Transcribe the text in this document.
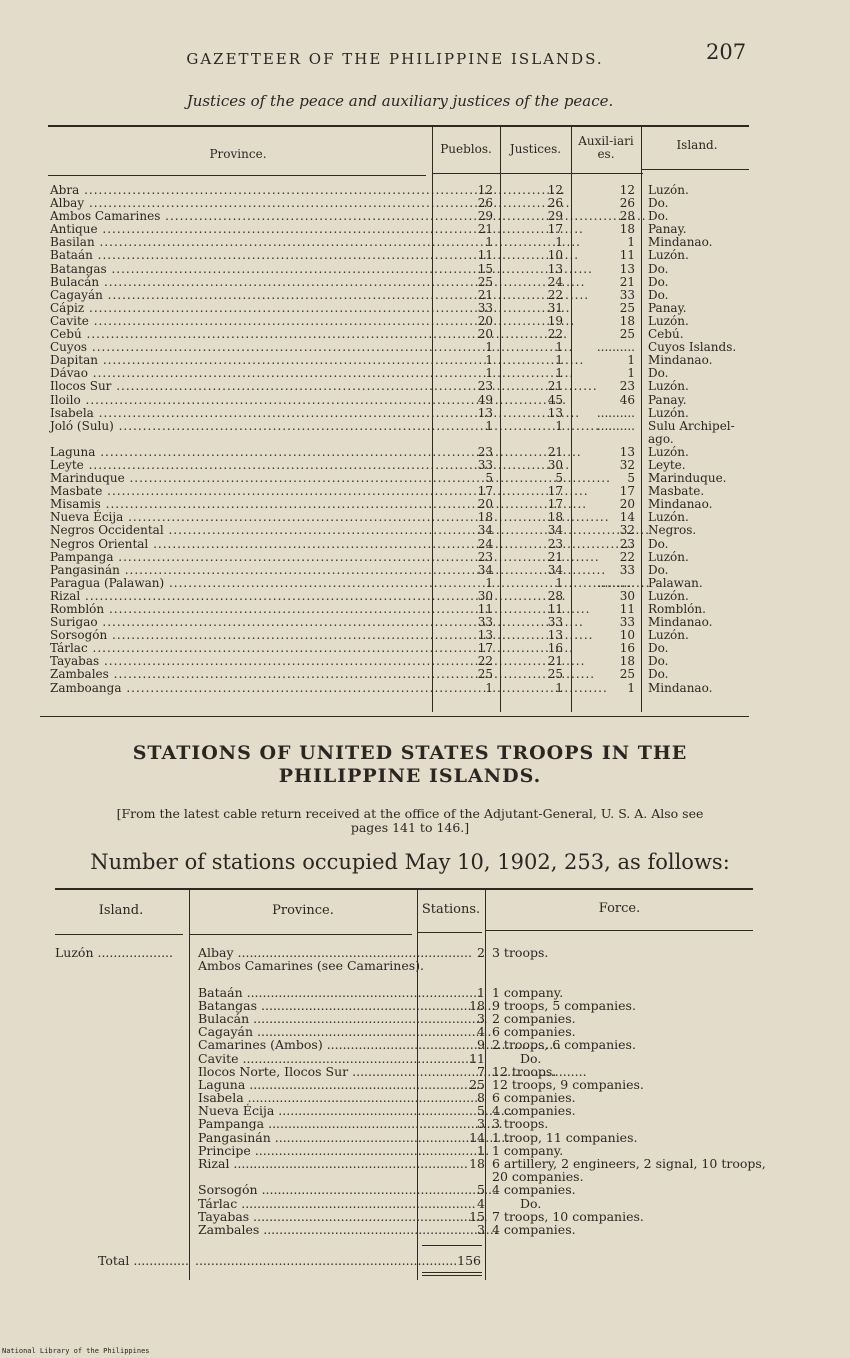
GAZETTEER OF THE PHILIPPINE ISLANDS.	207
Justices of the peace and auxiliary justices of the peace.
Province.	Pueblos.	Justices.
Auxil-iaries.
Island.
Abra .....	12	12	12 Luzón.
Albay .....	26	26	26 Do.
Ambos Camarines .....	29	29	28 Do.
Antique .....	21	17	18 Panay.
Basilan .....	1	1	1 Mindanao.
Bataán .....	11	10	11 Luzón.
Batangas .....	15	13	13 Do.
Bulacán .....	25	24	21 Do.
Cagayán .....	21	22	33 Do.
Cápiz .....	33	31	25 Panay.
Cavite .....	20	19	18 Luzón.
Cebú .....	20	22	25 Cebú.
Cuyos .....	1	1	.......... Cuyos Islands.
Dapitan .....	1	1	1 Mindanao.
Dávao .....	1	1	1 Do.
Ilocos Sur .....	23	21	23 Luzón.
Iloilo .....	49	45	46 Panay.
Isabela .....	13	13	.......... Luzón.
Joló (Sulu) .....	1	1	.......... Sulu Archipel-ago.
Laguna .....	23	21	13 Luzón.
Leyte .....	33	30	32 Leyte.
Marinduque .....	5	5	5 Marinduque.
Masbate .....	17	17	17 Masbate.
Misamis .....	20	17	20 Mindanao.
Nueva Écija .....	18	18	14 Luzón.
Negros Occidental .....	34	34	32 Negros.
Negros Oriental .....	24	23	23 Do.
Pampanga .....	23	21	22 Luzón.
Pangasinán .....	34	34	33 Do.
Paragua (Palawan) .....	1	1	.......... Palawan.
Rizal .....	30	28	30 Luzón.
Romblón .....	11	11	11 Romblón.
Surigao .....	33	33	33 Mindanao.
Sorsogón .....	13	13	10 Luzón.
Tárlac .....	17	16	16 Do.
Tayabas .....	22	21	18 Do.
Zambales .....	25	25	25 Do.
Zamboanga .....	1	1	1 Mindanao.
STATIONS OF UNITED STATES TROOPS IN THE
PHILIPPINE ISLANDS.
[From the latest cable return received at the office of the Adjutant-General, U. S. A. Also see
pages 141 to 146.]
Number of stations occupied May 10, 1902, 253, as follows:
Island.	Province.	Stations.	Force.
Luzón .....	Albay .....	2 3 troops.
Ambos Camarines (see Camarines).
Bataán .....	1 1 company.
Batangas .....	18 9 troops, 5 companies.
Bulacán .....	3 2 companies.
Cagayán .....	4 6 companies.
Camarines (Ambos) .....	9 2 troops, 6 companies.
Cavite .....	11	Do.
Ilocos Norte, Ilocos Sur .....	7 12 troops.
Laguna .....	25 12 troops, 9 companies.
Isabela .....	8 6 companies.
Nueva Écija .....	5 4 companies.
Pampanga .....	3 3 troops.
Pangasinán .....	14 1 troop, 11 companies.
Principe .....	1 1 company.
Rizal .....	18 6 artillery, 2 engineers, 2 signal, 10 troops, 20 companies.
Sorsogón .....	5 4 companies.
Tárlac .....	4	Do.
Tayabas .....	15 7 troops, 10 companies.
Zambales .....	3 4 companies.
Total .............. .................................................................. 156
National Library of the Philippines
